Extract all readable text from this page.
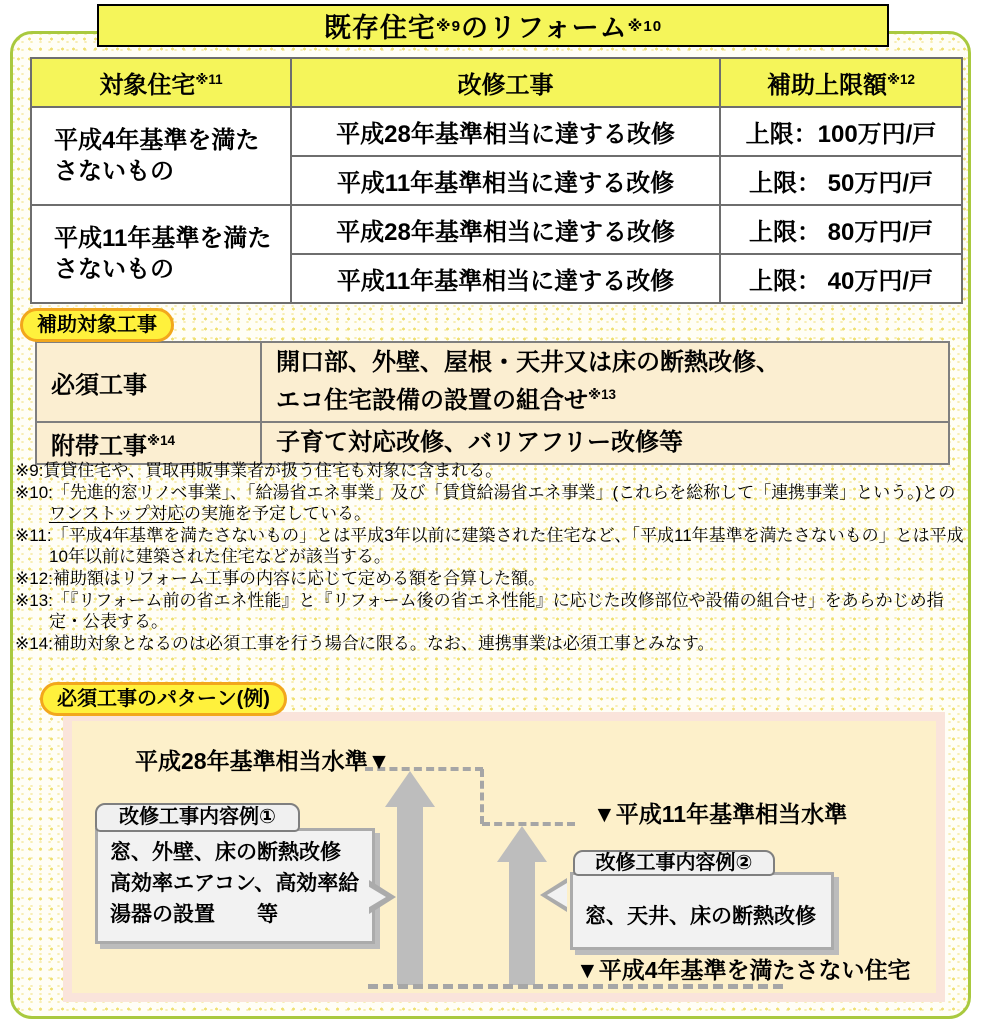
既存住宅 ※9 のリフォーム ※10
対象住宅$^{※11}$	改修工事	補助上限額$^{※12}$
平成4年基準を満たさないもの	平成28年基準相当に達する改修	上限：100万円/戸
	平成11年基準相当に達する改修	上限： 50万円/戸
平成11年基準を満たさないもの	平成28年基準相当に達する改修	上限： 80万円/戸
	平成11年基準相当に達する改修	上限： 40万円/戸
補助対象工事
必須工事	開口部、外壁、屋根・天井又は床の断熱改修、
エコ住宅設備の設置の組合せ$^{※13}$

附帯工事$^{※14}$	子育て対応改修、バリアフリー改修等

※9:賃貸住宅や、買取再販事業者が扱う住宅も対象に含まれる。

※10:「先進的窓リノベ事業」、「給湯省エネ事業」及び「賃貸給湯省エネ事業」(これらを総称して「連携事業」という。)とのワンストップ対応の実施を予定している。

※11:「平成4年基準を満たさないもの」とは平成3年以前に建築された住宅など、「平成11年基準を満たさないもの」とは平成10年以前に建築された住宅などが該当する。

※12:補助額はリフォーム工事の内容に応じて定める額を合算した額。

※13:「『リフォーム前の省エネ性能』と『リフォーム後の省エネ性能』に応じた改修部位や設備の組合せ」をあらかじめ指定・公表する。

※14:補助対象となるのは必須工事を行う場合に限る。なお、連携事業は必須工事とみなす。

必須工事のパターン(例)
平成28年基準相当水準▼
▼平成11年基準相当水準
改修工事内容例①
窓、外壁、床の断熱改修
高効率エアコン、高効率給
湯器の設置　　等
改修工事内容例②
窓、天井、床の断熱改修
▼平成4年基準を満たさない住宅
